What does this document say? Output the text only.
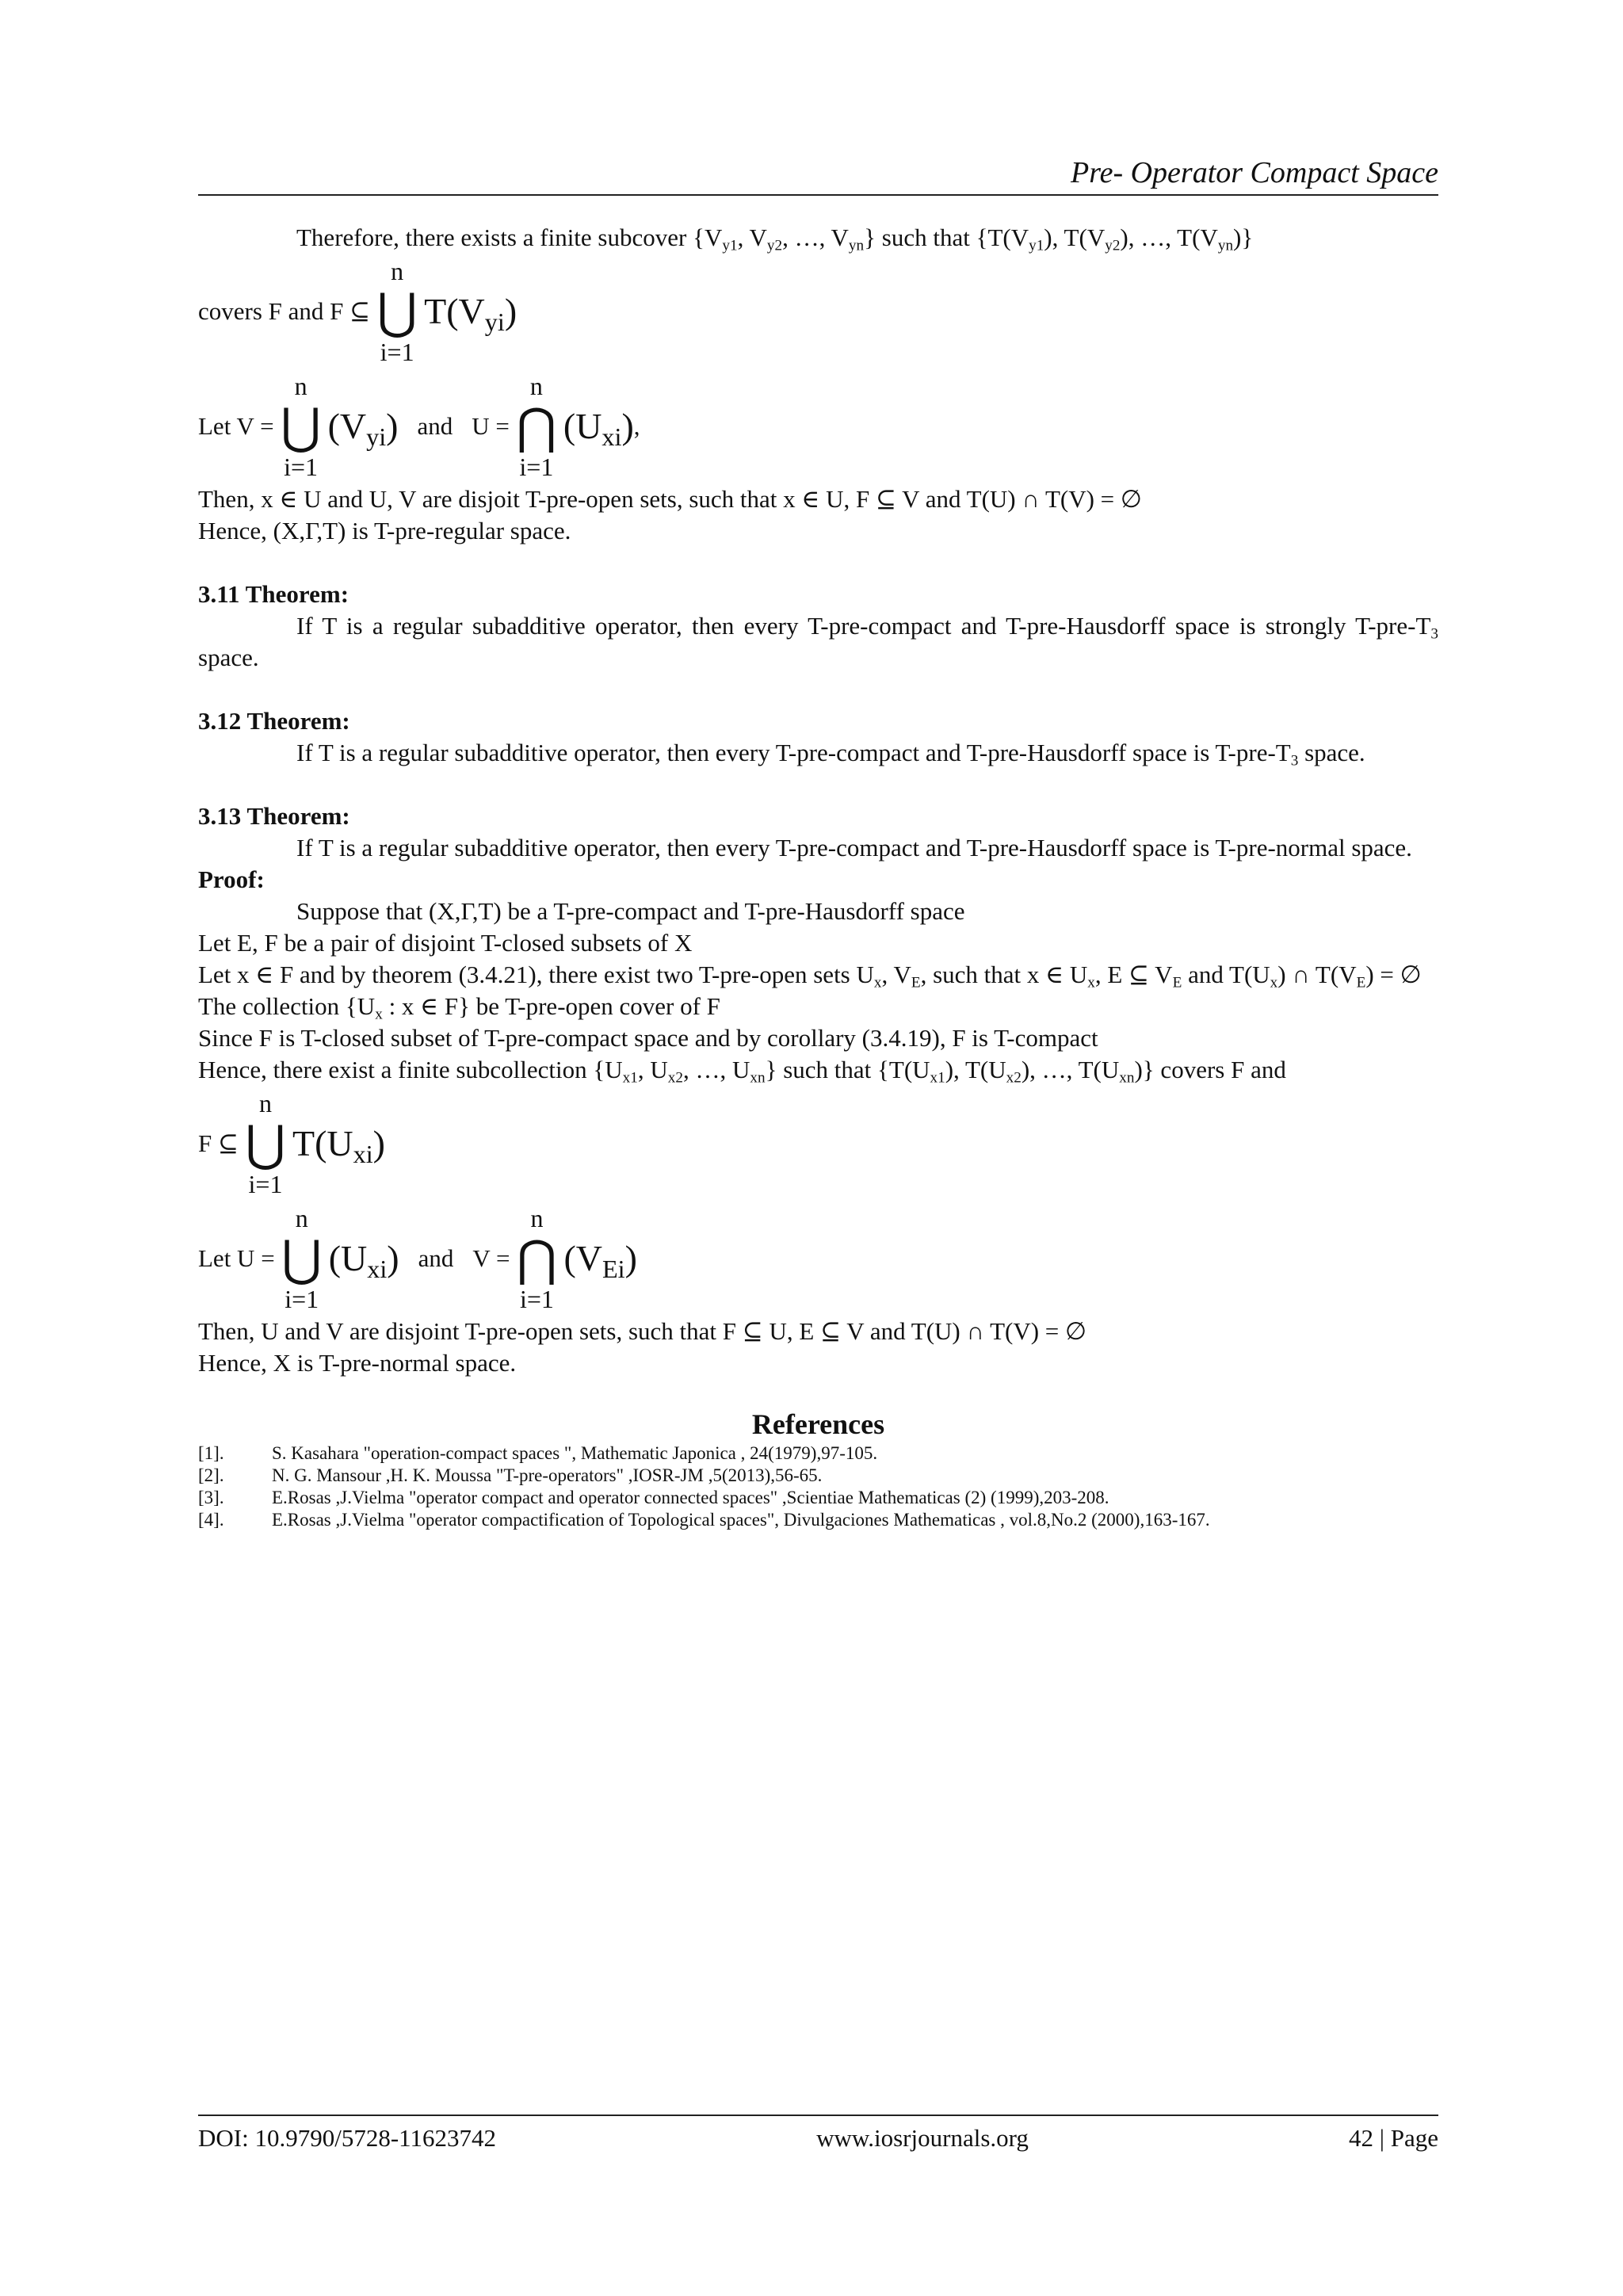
Pre- Operator Compact Space

Therefore, there exists a finite subcover {$V_{y1}$, $V_{y2}$, …, $V_{yn}$} such that {$T(V_{y1})$, $T(V_{y2})$, …, $T(V_{yn})$}

covers F and F ⊆
n
⋃
i=1
$T(V_{yi})$
Let V =
n
⋃
i=1
$(V_{yi})$ and U =
n
⋂
i=1
$(U_{xi})$ ,

Then, x ∈ U and U, V are disjoit T-pre-open sets, such that x ∈ U, F ⊆ V and T(U) ∩ T(V) = ∅

Hence, (X,Γ,T) is T-pre-regular space.

3.11 Theorem:

If T is a regular subadditive operator, then every T-pre-compact and T-pre-Hausdorff space is strongly $T-pre-T_3$ space.

3.12 Theorem:

If T is a regular subadditive operator, then every T-pre-compact and T-pre-Hausdorff space is $T-pre-T_3$ space.

3.13 Theorem:

If T is a regular subadditive operator, then every T-pre-compact and T-pre-Hausdorff space is T-pre-normal space.

Proof:

Suppose that (X,Γ,T) be a T-pre-compact and T-pre-Hausdorff space

Let E, F be a pair of disjoint T-closed subsets of X

Let x ∈ F and by theorem (3.4.21), there exist two T-pre-open sets $U_x$, $V_E$, such that x ∈ $U_x$, E ⊆ $V_E$ and $T(U_x)$ ∩ $T(V_E)$ = ∅

The collection {$U_x$ : x ∈ F} be T-pre-open cover of F

Since F is T-closed subset of T-pre-compact space and by corollary (3.4.19), F is T-compact

Hence, there exist a finite subcollection {$U_{x1}$, $U_{x2}$, …, $U_{xn}$} such that {$T(U_{x1})$, $T(U_{x2})$, …, $T(U_{xn})$} covers F and

F ⊆
n
⋃
i=1
$T(U_{xi})$
Let U =
n
⋃
i=1
$(U_{xi})$ and V =
n
⋂
i=1
$(V_{Ei})$

Then, U and V are disjoint T-pre-open sets, such that F ⊆ U, E ⊆ V and T(U) ∩ T(V) = ∅

Hence, X is T-pre-normal space.

References
[1].	S. Kasahara "operation-compact spaces ", Mathematic Japonica , 24(1979),97-105.
[2].	N. G. Mansour ,H. K. Moussa "T-pre-operators" ,IOSR-JM ,5(2013),56-65.
[3].	E.Rosas ,J.Vielma "operator compact and operator connected spaces" ,Scientiae Mathematicas (2) (1999),203-208.
[4].	E.Rosas ,J.Vielma "operator compactification of Topological spaces", Divulgaciones Mathematicas , vol.8,No.2 (2000),163-167.
DOI: 10.9790/5728-11623742	www.iosrjournals.org	42 | Page
